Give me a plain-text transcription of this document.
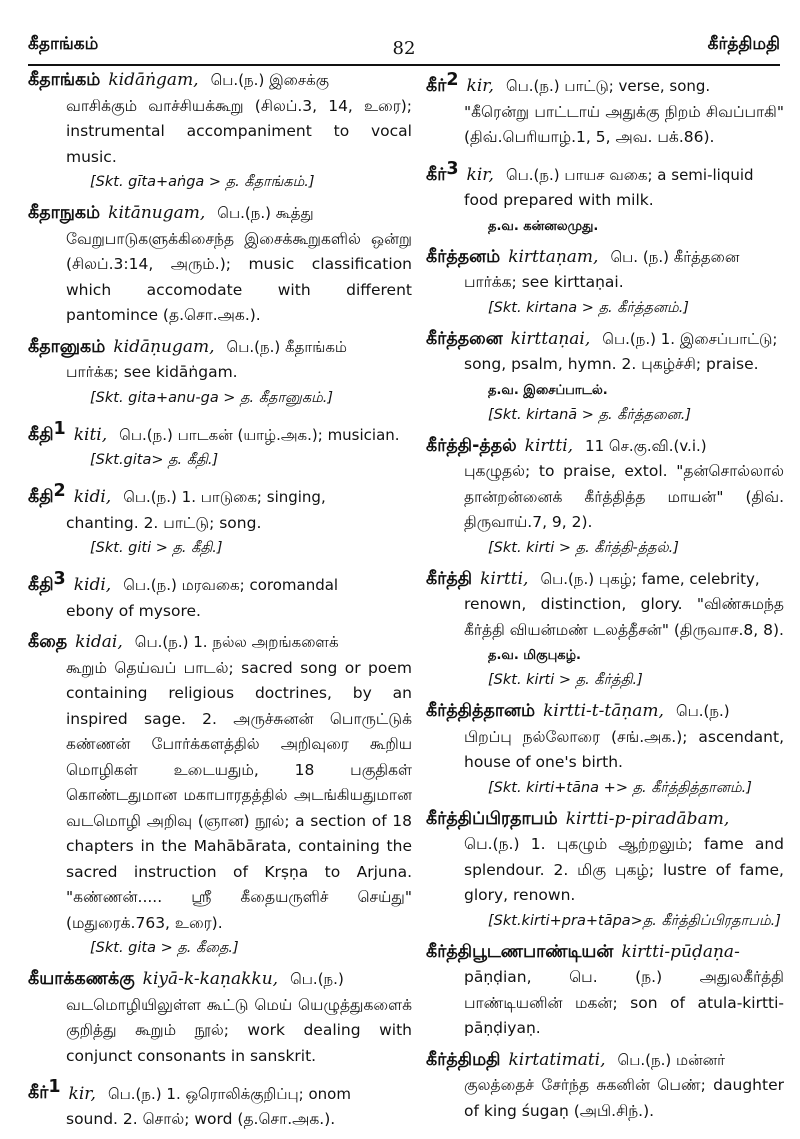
கீதாங்கம்	82	கீர்த்திமதி
கீதாங்கம் kidāṅgam, பெ.(ந.) இசைக்கு
வாசிக்கும் வாச்சியக்கூறு (சிலப்.3, 14, உரை); instrumental accompaniment to vocal music.
[Skt. gīta+aṅga > த. கீதாங்கம்.]
கீதாநுகம் kitānugam, பெ.(ந.) கூத்து
வேறுபாடுகளுக்கிசைந்த இசைக்கூறுகளில் ஒன்று (சிலப்.3:14, அரும்.); music classification which accomodate with different pantomince (த.சொ.அக.).
கீதானுகம் kidāṇugam, பெ.(ந.) கீதாங்கம்
பார்க்க; see kidāṅgam.
[Skt. gita+anu-ga > த. கீதானுகம்.]
கீதி$^1$ kiti, பெ.(ந.) பாடகன் (யாழ்.அக.); musician.
[Skt.gita> த. கீதி.]
கீதி$^2$ kidi, பெ.(ந.) 1. பாடுகை; singing,
chanting. 2. பாட்டு; song.
[Skt. giti > த. கீதி.]
கீதி$^3$ kidi, பெ.(ந.) மரவகை; coromandal
ebony of mysore.
கீதை kidai, பெ.(ந.) 1. நல்ல அறங்களைக்
கூறும் தெய்வப் பாடல்; sacred song or poem containing religious doctrines, by an inspired sage. 2. அருச்சுனன் பொருட்டுக் கண்ணன் போர்க்களத்தில் அறிவுரை கூறிய மொழிகள் உடையதும், 18 பகுதிகள் கொண்டதுமான மகாபாரதத்தில் அடங்கியதுமான வடமொழி அறிவு (ஞான) நூல்; a section of 18 chapters in the Mahābārata, containing the sacred instruction of Krṣṇa to Arjuna. "கண்ணன்..... ஸ்ரீ கீதையருளிச் செய்து" (மதுரைக்.763, உரை).
[Skt. gita > த. கீதை.]
கீயாக்கணக்கு kiyā-k-kaṇakku, பெ.(ந.)
வடமொழியிலுள்ள கூட்டு மெய் யெழுத்துகளைக் குறித்து கூறும் நூல்; work dealing with conjunct consonants in sanskrit.
கீர்$^1$ kir, பெ.(ந.) 1. ஒரொலிக்குறிப்பு; onom
sound. 2. சொல்; word (த.சொ.அக.).
கீர்$^2$ kir, பெ.(ந.) பாட்டு; verse, song.
"கீரென்று பாட்டாய் அதுக்கு நிறம் சிவப்பாகி" (திவ்.பெரியாழ்.1, 5, அவ. பக்.86).
கீர்$^3$ kir, பெ.(ந.) பாயச வகை; a semi-liquid
food prepared with milk.
த.வ. கன்னலமுது.
கீர்த்தனம் kirttaṇam, பெ. (ந.) கீர்த்தனை
பார்க்க; see kirttaṇai.
[Skt. kirtana > த. கீர்த்தனம்.]
கீர்த்தனை kirttaṇai, பெ.(ந.) 1. இசைப்பாட்டு;
song, psalm, hymn. 2. புகழ்ச்சி; praise.
த.வ. இசைப்பாடல்.
[Skt. kirtanā > த. கீர்த்தனை.]
கீர்த்தி-த்தல் kirtti, 11 செ.கு.வி.(v.i.)
புகழுதல்; to praise, extol. "தன்சொல்லால் தான்றன்னைக் கீர்த்தித்த மாயன்" (திவ். திருவாய்.7, 9, 2).
[Skt. kirti > த. கீர்த்தி-த்தல்.]
கீர்த்தி kirtti, பெ.(ந.) புகழ்; fame, celebrity,
renown, distinction, glory. "விண்சுமந்த கீர்த்தி வியன்மண் டலத்தீசன்" (திருவாச.8, 8).
த.வ. மிகுபுகழ்.
[Skt. kirti > த. கீர்த்தி.]
கீர்த்தித்தானம் kirtti-t-tāṇam, பெ.(ந.)
பிறப்பு நல்லோரை (சங்.அக.); ascendant, house of one's birth.
[Skt. kirti+tāna +> த. கீர்த்தித்தானம்.]
கீர்த்திப்பிரதாபம் kirtti-p-piradābam,
பெ.(ந.) 1. புகழும் ஆற்றலும்; fame and splendour. 2. மிகு புகழ்; lustre of fame, glory, renown.
[Skt.kirti+pra+tāpa>த. கீர்த்திப்பிரதாபம்.]
கீர்த்திபூடணபாண்டியன் kirtti-pūḍaṇa-
pāṇḍian, பெ. (ந.) அதுலகீர்த்தி பாண்டியனின் மகன்; son of atula-kirtti-pāṇḍiyaṇ.
கீர்த்திமதி kirtatimati, பெ.(ந.) மன்னர்
குலத்தைச் சேர்ந்த சுகனின் பெண்; daughter of king śugaṇ (அபி.சிந்.).
